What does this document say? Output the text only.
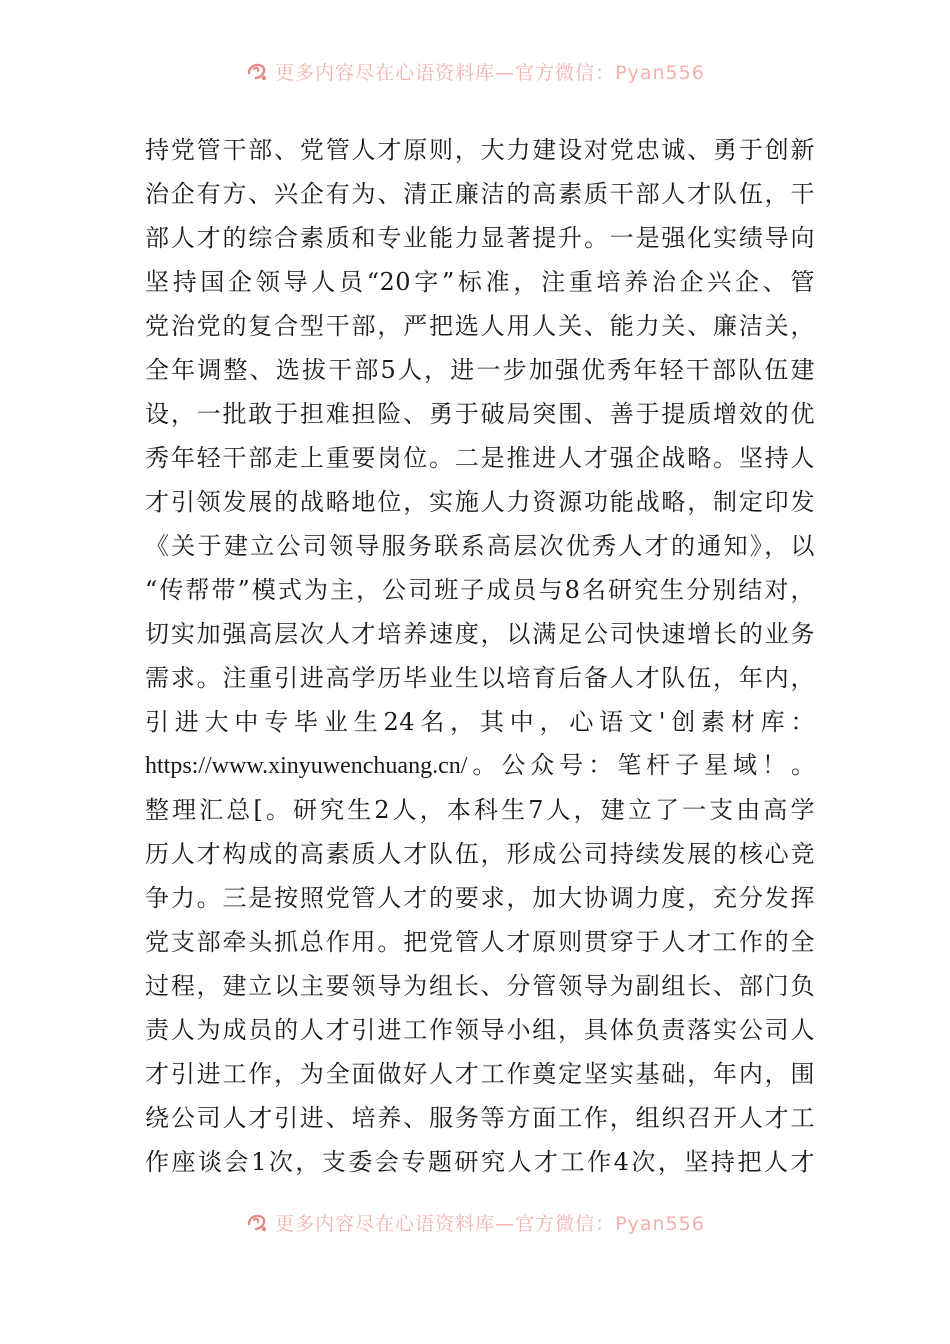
更多内容尽在心语资料库—官方微信：Pyan556
持党管干部、党管人才原则，大力建设对党忠诚、勇于创新
治企有方、兴企有为、清正廉洁的高素质干部人才队伍，干
部人才的综合素质和专业能力显著提升。一是强化实绩导向
坚持国企领导人员“20字”标准，注重培养治企兴企、管
党治党的复合型干部，严把选人用人关、能力关、廉洁关，
全年调整、选拔干部5人，进一步加强优秀年轻干部队伍建
设，一批敢于担难担险、勇于破局突围、善于提质增效的优
秀年轻干部走上重要岗位。二是推进人才强企战略。坚持人
才引领发展的战略地位，实施人力资源功能战略，制定印发
《关于建立公司领导服务联系高层次优秀人才的通知》，以
“传帮带”模式为主，公司班子成员与8名研究生分别结对，
切实加强高层次人才培养速度，以满足公司快速增长的业务
需求。注重引进高学历毕业生以培育后备人才队伍，年内，
引进大中专毕业生24名，其中，心语文'创素材库：
https://www.xinyuwenchuang.cn/。公众号：笔杆子星域！。
整理汇总[。研究生2人，本科生7人，建立了一支由高学
历人才构成的高素质人才队伍，形成公司持续发展的核心竞
争力。三是按照党管人才的要求，加大协调力度，充分发挥
党支部牵头抓总作用。把党管人才原则贯穿于人才工作的全
过程，建立以主要领导为组长、分管领导为副组长、部门负
责人为成员的人才引进工作领导小组，具体负责落实公司人
才引进工作，为全面做好人才工作奠定坚实基础，年内，围
绕公司人才引进、培养、服务等方面工作，组织召开人才工
作座谈会1次，支委会专题研究人才工作4次，坚持把人才
更多内容尽在心语资料库—官方微信：Pyan556
